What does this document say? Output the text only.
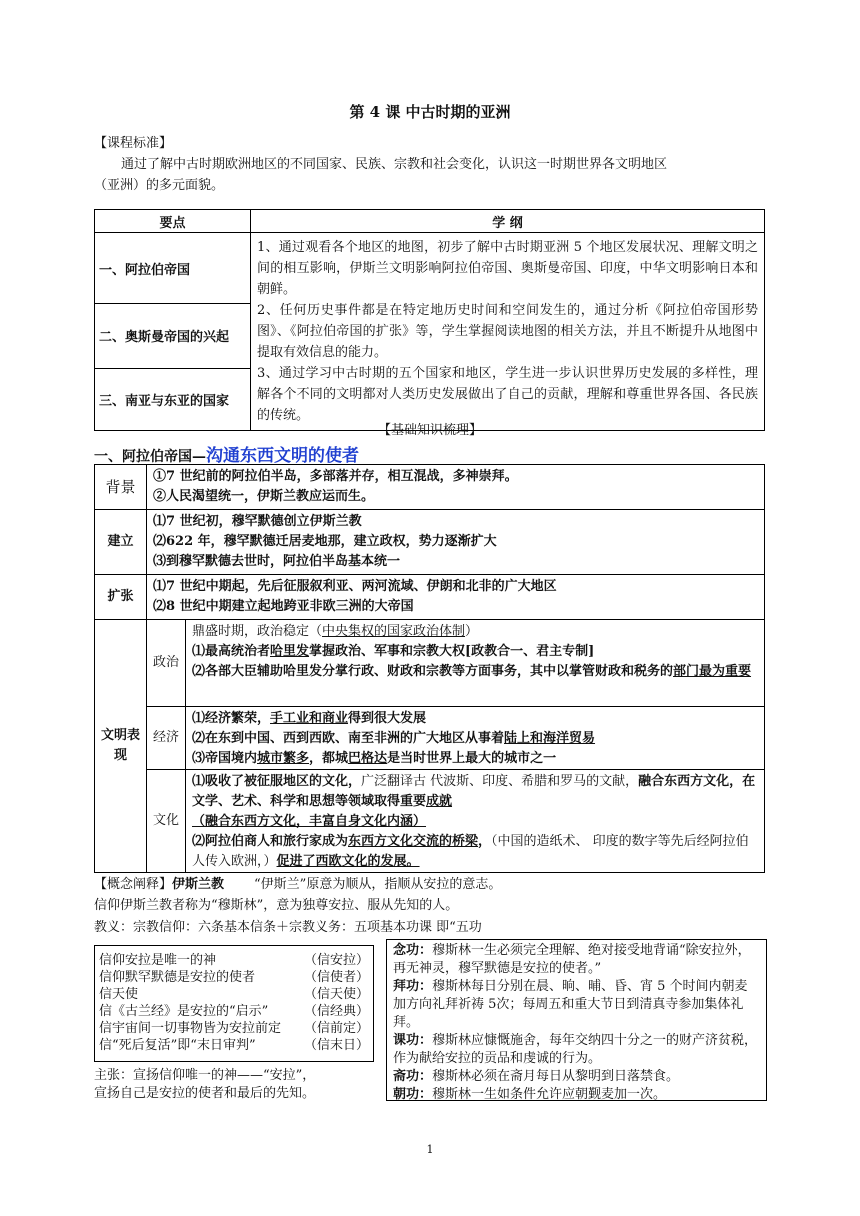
第 4 课 中古时期的亚洲
【课程标准】
通过了解中古时期欧洲地区的不同国家、民族、宗教和社会变化，认识这一时期世界各文明地区
（亚洲）的多元面貌。
要点	学 纲
一、阿拉伯帝国	1、通过观看各个地区的地图，初步了解中古时期亚洲 5 个地区发展状况、理解文明之间的相互影响，伊斯兰文明影响阿拉伯帝国、奥斯曼帝国、印度，中华文明影响日本和朝鲜。
2、任何历史事件都是在特定地历史时间和空间发生的，通过分析《阿拉伯帝国形势图》、《阿拉伯帝国的扩张》等，学生掌握阅读地图的相关方法，并且不断提升从地图中提取有效信息的能力。
3、通过学习中古时期的五个国家和地区，学生进一步认识世界历史发展的多样性，理解各个不同的文明都对人类历史发展做出了自己的贡献，理解和尊重世界各国、各民族的传统。

二、奥斯曼帝国的兴起	
三、南亚与东亚的国家	
【基础知识梳理】
一、阿拉伯帝国—沟通东西文明的使者
背景	①7 世纪前的阿拉伯半岛，多部落并存，相互混战，多神崇拜。
②人民渴望统一，伊斯兰教应运而生。	

建立	⑴7 世纪初，穆罕默德创立伊斯兰教
⑵622 年，穆罕默德迁居麦地那，建立政权，势力逐渐扩大
⑶到穆罕默德去世时，阿拉伯半岛基本统一	

扩张	⑴7 世纪中期起，先后征服叙利亚、两河流域、伊朗和北非的广大地区
⑵8 世纪中期建立起地跨亚非欧三洲的大帝国	

文明表现	政治	鼎盛时期，政治稳定（中央集权的国家政治体制）
⑴最高统治者哈里发掌握政治、军事和宗教大权[政教合一、君主专制]
⑵各部大臣辅助哈里发分掌行政、财政和宗教等方面事务，其中以掌管财政和税务的部门最为重要

	经济	⑴经济繁荣，手工业和商业得到很大发展
⑵在东到中国、西到西欧、南至非洲的广大地区从事着陆上和海洋贸易
⑶帝国境内城市繁多，都城巴格达是当时世界上最大的城市之一

	文化	⑴吸收了被征服地区的文化，广泛翻译古 代波斯、印度、希腊和罗马的文献，融合东西方文化，在文学、艺术、科学和思想等领域取得重要成就
（融合东西方文化，丰富自身文化内涵）
⑵阿拉伯商人和旅行家成为东西方文化交流的桥梁，（中国的造纸术、 印度的数字等先后经阿拉伯人传入欧洲，）促进了西欧文化的发展。
【概念阐释】伊斯兰教 “伊斯兰”原意为顺从，指顺从安拉的意志。
信仰伊斯兰教者称为“穆斯林”，意为独尊安拉、服从先知的人。
教义：宗教信仰：六条基本信条＋宗教义务：五项基本功课 即“五功
信仰安拉是唯一的神	（信安拉）
信仰默罕默德是安拉的使者	（信使者）
信天使	（信天使）
信《古兰经》是安拉的“启示”	（信经典）
信宇宙间一切事物皆为安拉前定 （信前定）
信“死后复活”即“末日审判”	（信末日）
主张：宣扬信仰唯一的神——“安拉”，
宣扬自己是安拉的使者和最后的先知。
念功：穆斯林一生必须完全理解、绝对接受地背诵“除安拉外，再无神灵，穆罕默德是安拉的使者。”
拜功：穆斯林每日分别在晨、晌、晡、昏、宵 5 个时间内朝麦加方向礼拜祈祷 5次；每周五和重大节日到清真寺参加集体礼拜。
课功：穆斯林应慷慨施舍，每年交纳四十分之一的财产济贫税，作为献给安拉的贡品和虔诚的行为。
斋功：穆斯林必须在斋月每日从黎明到日落禁食。
朝功：穆斯林一生如条件允许应朝觐麦加一次。
1
